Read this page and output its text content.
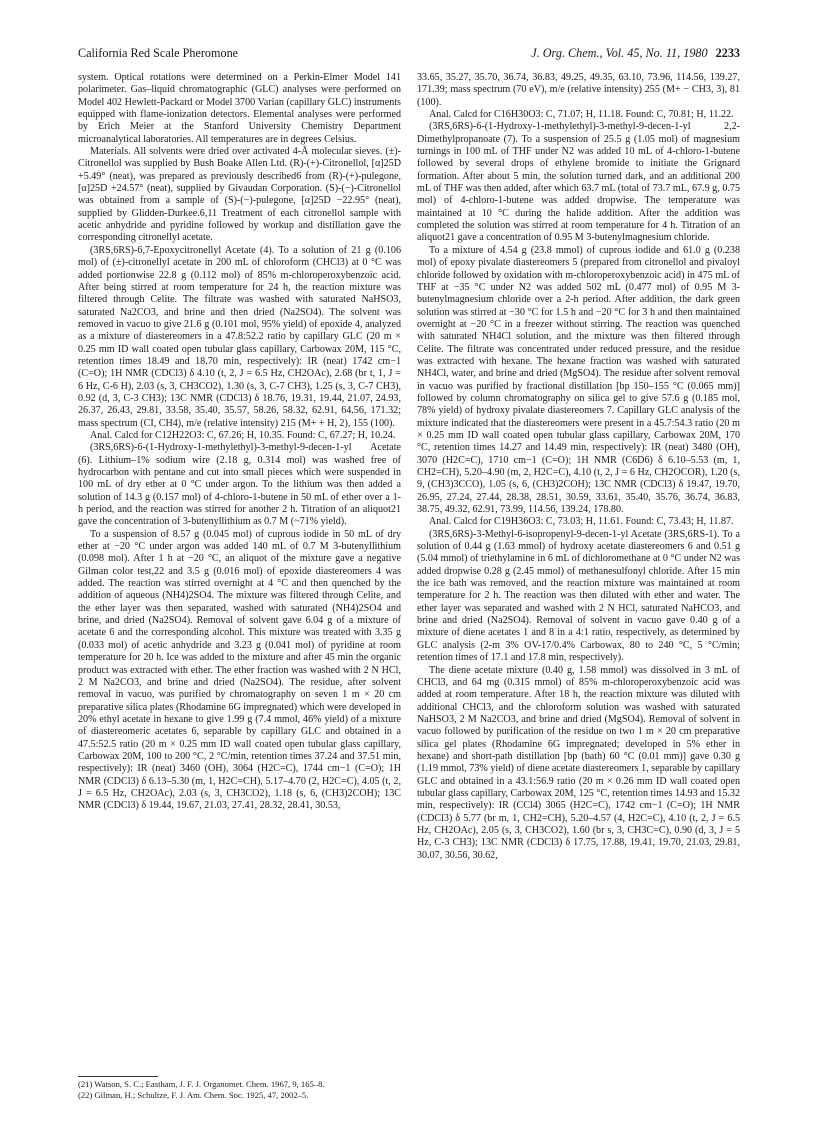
California Red Scale Pheromone	J. Org. Chem., Vol. 45, No. 11, 1980 2233

system. Optical rotations were determined on a Perkin-Elmer Model 141 polarimeter. Gas–liquid chromatographic (GLC) analyses were performed on Model 402 Hewlett-Packard or Model 3700 Varian (capillary GLC) instruments equipped with flame-ionization detectors. Elemental analyses were performed by Erich Meier at the Stanford University Chemistry Department microanalytical laboratories. All temperatures are in degrees Celsius.

Materials. All solvents were dried over activated 4-Å molecular sieves. (±)-Citronellol was supplied by Bush Boake Allen Ltd. (R)-(+)-Citronellol, [α]25D +5.49° (neat), was prepared as previously described6 from (R)-(+)-pulegone, [α]25D +24.57° (neat), supplied by Givaudan Corporation. (S)-(−)-Citronellol was obtained from a sample of (S)-(−)-pulegone, [α]25D −22.95° (neat), supplied by Glidden-Durkee.6,11 Treatment of each citronellol sample with acetic anhydride and pyridine followed by workup and distillation gave the corresponding citronellyl acetate.

(3RS,6RS)-6,7-Epoxycitronellyl Acetate (4). To a solution of 21 g (0.106 mol) of (±)-citronellyl acetate in 200 mL of chloroform (CHCl3) at 0 °C was added portionwise 22.8 g (0.112 mol) of 85% m-chloroperoxybenzoic acid. After being stirred at room temperature for 24 h, the reaction mixture was filtered through Celite. The filtrate was washed with saturated NaHSO3, saturated Na2CO3, and brine and then dried (Na2SO4). The solvent was removed in vacuo to give 21.6 g (0.101 mol, 95% yield) of epoxide 4, analyzed as a mixture of diastereomers in a 47.8:52.2 ratio by capillary GLC (20 m × 0.25 mm ID wall coated open tubular glass capillary, Carbowax 20M, 115 °C, retention times 18.49 and 18.70 min, respectively): IR (neat) 1742 cm−1 (C=O); 1H NMR (CDCl3) δ 4.10 (t, 2, J = 6.5 Hz, CH2OAc), 2.68 (br t, 1, J = 6 Hz, C-6 H), 2.03 (s, 3, CH3CO2), 1.30 (s, 3, C-7 CH3), 1.25 (s, 3, C-7 CH3), 0.92 (d, 3, C-3 CH3); 13C NMR (CDCl3) δ 18.76, 19.31, 19.44, 21.07, 24.93, 26.37, 26.43, 29.81, 33.58, 35.40, 35.57, 58.26, 58.32, 62.91, 64.56, 171.32; mass spectrum (CI, CH4), m/e (relative intensity) 215 (M+ + H, 2), 155 (100).

Anal. Calcd for C12H22O3: C, 67.26; H, 10.35. Found: C, 67.27; H, 10.24.

(3RS,6RS)-6-(1-Hydroxy-1-methylethyl)-3-methyl-9-decen-1-yl Acetate (6). Lithium–1% sodium wire (2.18 g, 0.314 mol) was washed free of hydrocarbon with pentane and cut into small pieces which were suspended in 100 mL of dry ether at 0 °C under argon. To the lithium was then added a solution of 14.3 g (0.157 mol) of 4-chloro-1-butene in 50 mL of ether over a 1-h period, and the reaction was stirred for another 2 h. Titration of an aliquot21 gave the concentration of 3-butenyllithium as 0.7 M (~71% yield).

To a suspension of 8.57 g (0.045 mol) of cuprous iodide in 50 mL of dry ether at −20 °C under argon was added 140 mL of 0.7 M 3-butenyllithium (0.098 mol). After 1 h at −20 °C, an aliquot of the mixture gave a negative Gilman color test,22 and 3.5 g (0.016 mol) of epoxide diastereomers 4 was added. The reaction was stirred overnight at 4 °C and then quenched by the addition of aqueous (NH4)2SO4. The mixture was filtered through Celite, and the ether layer was then separated, washed with saturated (NH4)2SO4 and brine, and dried (Na2SO4). Removal of solvent gave 6.04 g of a mixture of acetate 6 and the corresponding alcohol. This mixture was treated with 3.35 g (0.033 mol) of acetic anhydride and 3.23 g (0.041 mol) of pyridine at room temperature for 20 h. Ice was added to the mixture and after 45 min the organic product was extracted with ether. The ether fraction was washed with 2 N HCl, 2 M Na2CO3, and brine and dried (Na2SO4). The residue, after solvent removal in vacuo, was purified by chromatography on seven 1 m × 20 cm preparative silica plates (Rhodamine 6G impregnated) which were developed in 20% ethyl acetate in hexane to give 1.99 g (7.4 mmol, 46% yield) of a mixture of diastereomeric acetates 6, separable by capillary GLC and obtained in a 47.5:52.5 ratio (20 m × 0.25 mm ID wall coated open tubular glass capillary, Carbowax 20M, 100 to 200 °C, 2 °C/min, retention times 37.24 and 37.51 min, respectively): IR (neat) 3460 (OH), 3064 (H2C=C), 1744 cm−1 (C=O); 1H NMR (CDCl3) δ 6.13–5.30 (m, 1, H2C=CH), 5.17–4.70 (2, H2C=C), 4.05 (t, 2, J = 6.5 Hz, CH2OAc), 2.03 (s, 3, CH3CO2), 1.18 (s, 6, (CH3)2COH); 13C NMR (CDCl3) δ 19.44, 19.67, 21.03, 27.41, 28.32, 28.41, 30.53,

33.65, 35.27, 35.70, 36.74, 36.83, 49.25, 49.35, 63.10, 73.96, 114.56, 139.27, 171.39; mass spectrum (70 eV), m/e (relative intensity) 255 (M+ − CH3, 3), 81 (100).

Anal. Calcd for C16H30O3: C, 71.07; H, 11.18. Found: C, 70.81; H, 11.22.

(3RS,6RS)-6-(1-Hydroxy-1-methylethyl)-3-methyl-9-decen-1-yl 2,2-Dimethylpropanoate (7). To a suspension of 25.5 g (1.05 mol) of magnesium turnings in 100 mL of THF under N2 was added 10 mL of 4-chloro-1-butene followed by several drops of ethylene bromide to initiate the Grignard formation. After about 5 min, the solution turned dark, and an additional 200 mL of THF was then added, after which 63.7 mL (total of 73.7 mL, 67.9 g, 0.75 mol) of 4-chloro-1-butene was added dropwise. The temperature was maintained at 10 °C during the halide addition. After the addition was completed the solution was stirred at room temperature for 4 h. Titration of an aliquot21 gave a concentration of 0.95 M 3-butenylmagnesium chloride.

To a mixture of 4.54 g (23.8 mmol) of cuprous iodide and 61.0 g (0.238 mol) of epoxy pivalate diastereomers 5 (prepared from citronellol and pivaloyl chloride followed by oxidation with m-chloroperoxybenzoic acid) in 475 mL of THF at −35 °C under N2 was added 502 mL (0.477 mol) of 0.95 M 3-butenylmagnesium chloride over a 2-h period. After addition, the dark green solution was stirred at −30 °C for 1.5 h and −20 °C for 3 h and then maintained overnight at −20 °C in a freezer without stirring. The reaction was quenched with saturated NH4Cl solution, and the mixture was then filtered through Celite. The filtrate was concentrated under reduced pressure, and the residue was extracted with hexane. The hexane fraction was washed with saturated NH4Cl, water, and brine and dried (MgSO4). The residue after solvent removal in vacuo was purified by fractional distillation [bp 150–155 °C (0.065 mm)] followed by column chromatography on silica gel to give 57.6 g (0.185 mol, 78% yield) of hydroxy pivalate diastereomers 7. Capillary GLC analysis of the mixture indicated that the diastereomers were present in a 45.7:54.3 ratio (20 m × 0.25 mm ID wall coated open tubular glass capillary, Carbowax 20M, 170 °C, retention times 14.27 and 14.49 min, respectively): IR (neat) 3480 (OH), 3070 (H2C=C), 1710 cm−1 (C=O); 1H NMR (C6D6) δ 6.10–5.53 (m, 1, CH2=CH), 5.20–4.90 (m, 2, H2C=C), 4.10 (t, 2, J = 6 Hz, CH2OCOR), 1.20 (s, 9, (CH3)3CCO), 1.05 (s, 6, (CH3)2COH); 13C NMR (CDCl3) δ 19.47, 19.70, 26.95, 27.24, 27.44, 28.38, 28.51, 30.59, 33.61, 35.40, 35.76, 36.74, 36.83, 38.75, 49.32, 62.91, 73.99, 114.56, 139.24, 178.80.

Anal. Calcd for C19H36O3: C, 73.03; H, 11.61. Found: C, 73.43; H, 11.87.

(3RS,6RS)-3-Methyl-6-isopropenyl-9-decen-1-yl Acetate (3RS,6RS-1). To a solution of 0.44 g (1.63 mmol) of hydroxy acetate diastereomers 6 and 0.51 g (5.04 mmol) of triethylamine in 6 mL of dichloromethane at 0 °C under N2 was added dropwise 0.28 g (2.45 mmol) of methanesulfonyl chloride. After 15 min the ice bath was removed, and the reaction mixture was maintained at room temperature for 2 h. The reaction was then diluted with ether and water. The ether layer was separated and washed with 2 N HCl, saturated NaHCO3, and brine and dried (Na2SO4). Removal of solvent in vacuo gave 0.40 g of a mixture of diene acetates 1 and 8 in a 4:1 ratio, respectively, as determined by GLC analysis (2-m 3% OV-17/0.4% Carbowax, 80 to 240 °C, 5 °C/min; retention times of 17.1 and 17.8 min, respectively).

The diene acetate mixture (0.40 g, 1.58 mmol) was dissolved in 3 mL of CHCl3, and 64 mg (0.315 mmol) of 85% m-chloroperoxybenzoic acid was added at room temperature. After 18 h, the reaction mixture was diluted with additional CHCl3, and the chloroform solution was washed with saturated NaHSO3, 2 M Na2CO3, and brine and dried (MgSO4). Removal of solvent in vacuo followed by purification of the residue on two 1 m × 20 cm preparative silica gel plates (Rhodamine 6G impregnated; developed in 5% ether in hexane) and short-path distillation [bp (bath) 60 °C (0.01 mm)] gave 0.30 g (1.19 mmol, 73% yield) of diene acetate diastereomers 1, separable by capillary GLC and obtained in a 43.1:56.9 ratio (20 m × 0.26 mm ID wall coated open tubular glass capillary, Carbowax 20M, 125 °C, retention times 14.93 and 15.32 min, respectively): IR (CCl4) 3065 (H2C=C), 1742 cm−1 (C=O); 1H NMR (CDCl3) δ 5.77 (br m, 1, CH2=CH), 5.20–4.57 (4, H2C=C), 4.10 (t, 2, J = 6.5 Hz, CH2OAc), 2.05 (s, 3, CH3CO2), 1.60 (br s, 3, CH3C=C), 0.90 (d, 3, J = 5 Hz, C-3 CH3); 13C NMR (CDCl3) δ 17.75, 17.88, 19.41, 19.70, 21.03, 29.81, 30.07, 30.56, 30.62,

(21) Watson, S. C.; Eastham, J. F. J. Organomet. Chem. 1967, 9, 165–8.
(22) Gilman, H.; Schultze, F. J. Am. Chem. Soc. 1925, 47, 2002–5.
